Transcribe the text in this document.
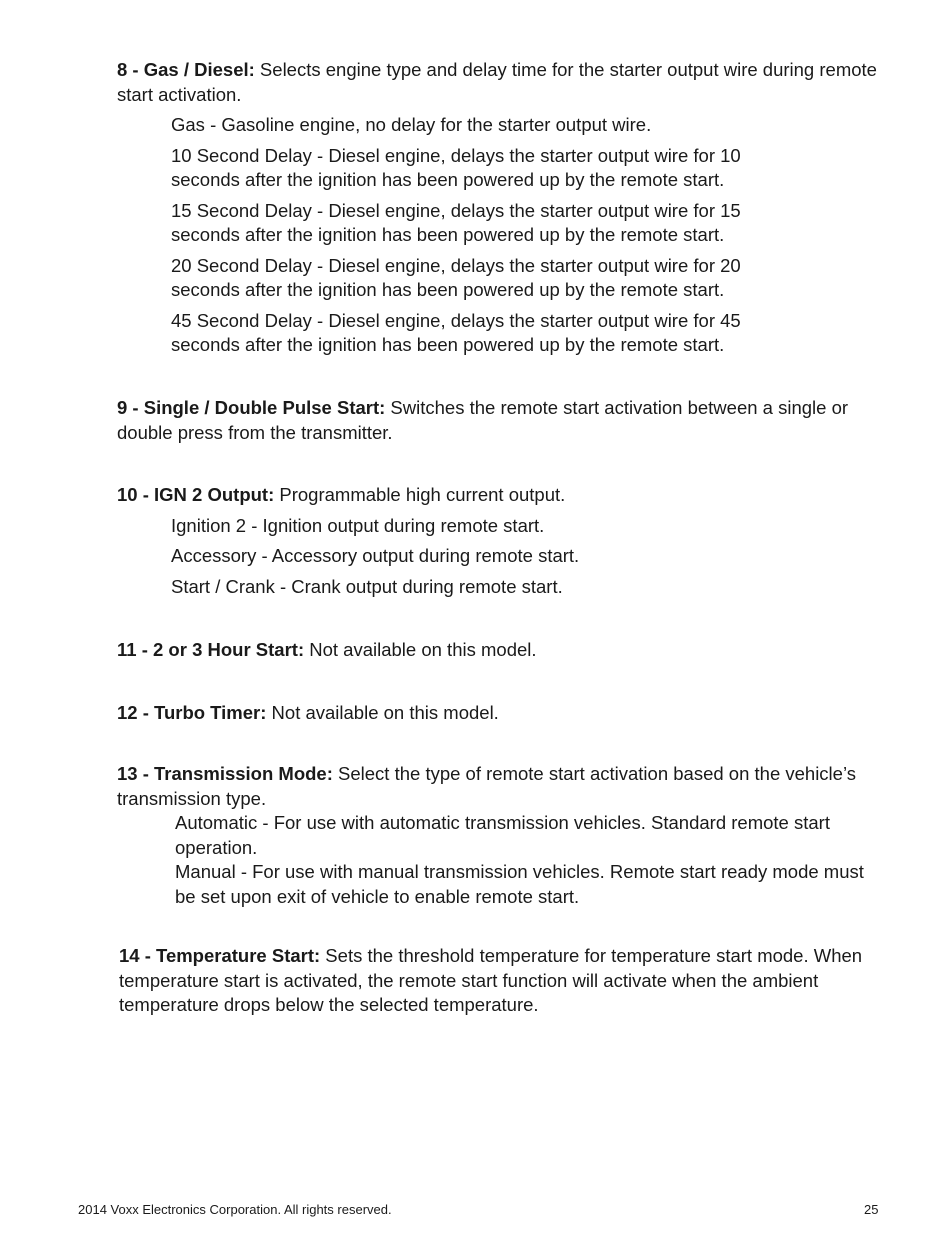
8 - Gas / Diesel: Selects engine type and delay time for the starter output wire during remote start activation.

Gas - Gasoline engine, no delay for the starter output wire.
10 Second Delay - Diesel engine, delays the starter output wire for 10 seconds after the ignition has been powered up by the remote start.
15 Second Delay - Diesel engine, delays the starter output wire for 15 seconds after the ignition has been powered up by the remote start.
20 Second Delay - Diesel engine, delays the starter output wire for 20 seconds after the ignition has been powered up by the remote start.
45 Second Delay - Diesel engine, delays the starter output wire for 45 seconds after the ignition has been powered up by the remote start.

9 - Single / Double Pulse Start: Switches the remote start activation between a single or double press from the transmitter.

10 - IGN 2 Output: Programmable high current output.

Ignition 2 - Ignition output during remote start.
Accessory - Accessory output during remote start.
Start / Crank - Crank output during remote start.

11 - 2 or 3 Hour Start: Not available on this model.

12 - Turbo Timer: Not available on this model.

13 - Transmission Mode: Select the type of remote start activation based on the vehicle’s transmission type.

Automatic - For use with automatic transmission vehicles. Standard remote start operation.
Manual - For use with manual transmission vehicles. Remote start ready mode must be set upon exit of vehicle to enable remote start.

14 - Temperature Start: Sets the threshold temperature for temperature start mode. When temperature start is activated, the remote start function will activate when the ambient temperature drops below the selected temperature.

2014 Voxx Electronics Corporation. All rights reserved.	25
